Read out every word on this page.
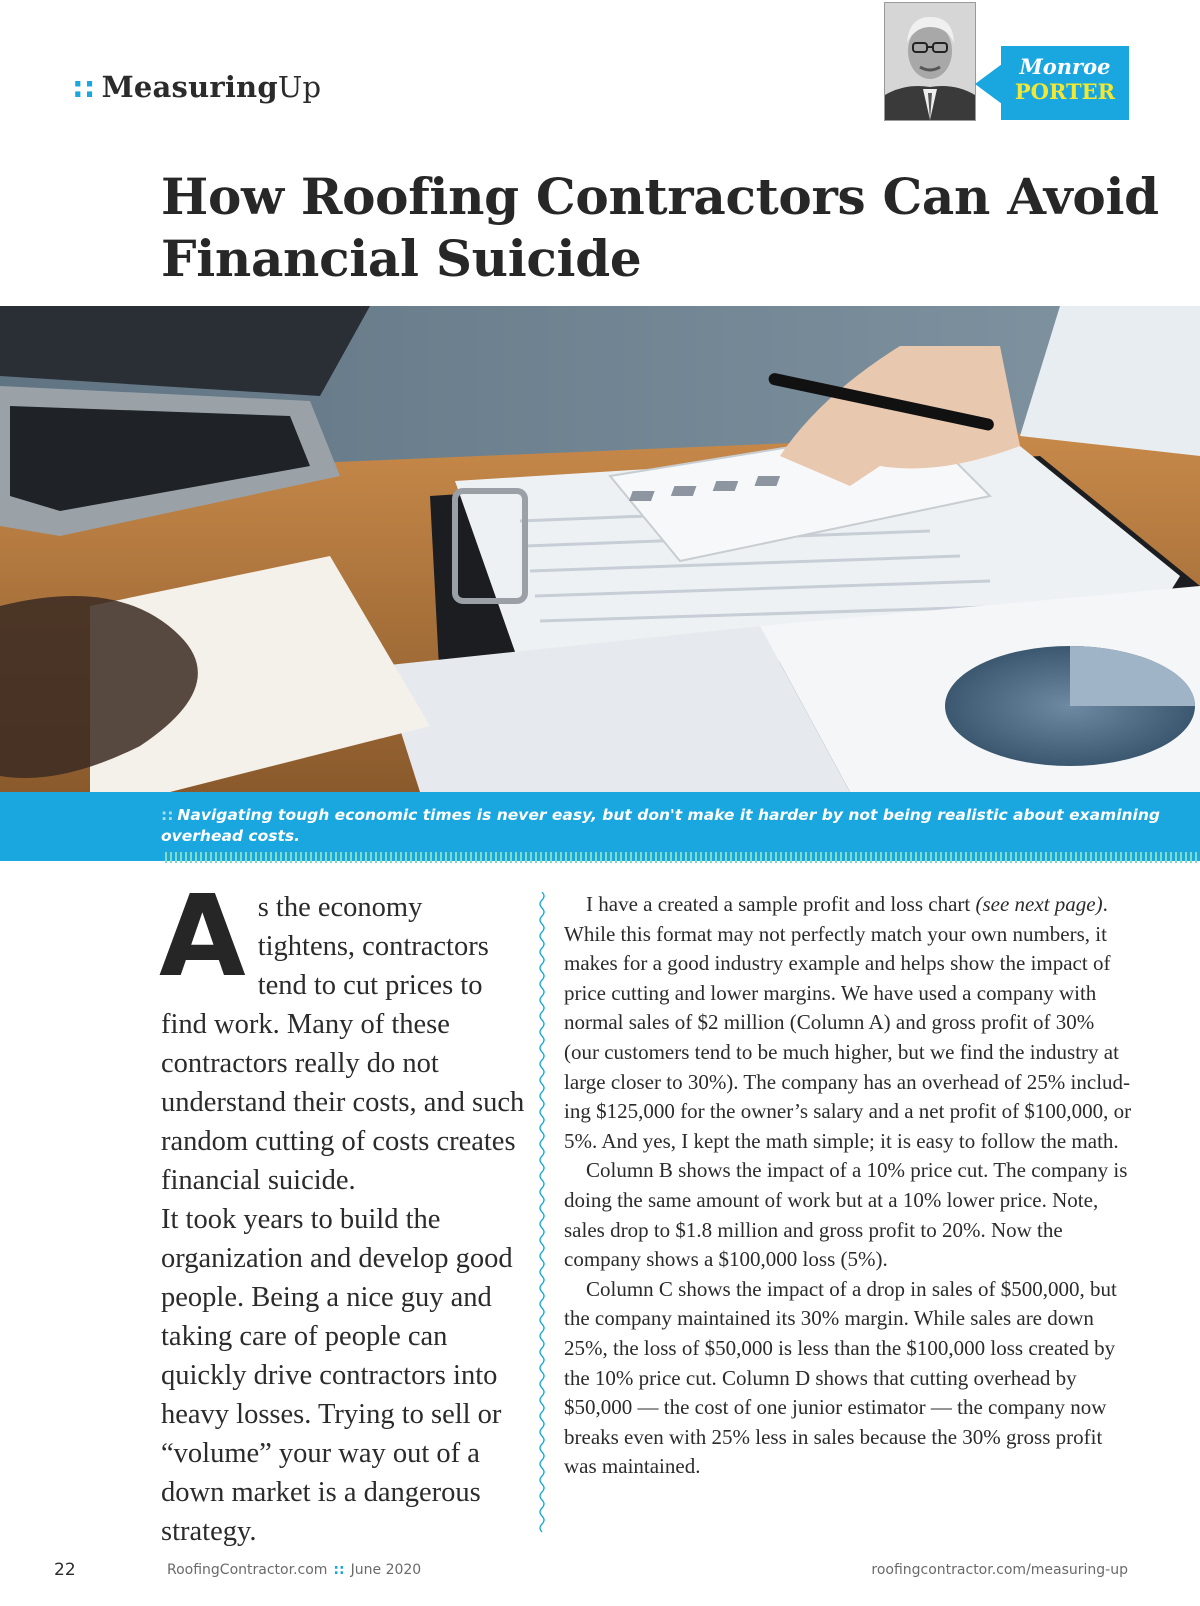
:: MeasuringUp
Monroe
PORTER
How Roofing Contractors Can Avoid
Financial Suicide

:: Navigating tough economic times is never easy, but don't make it harder by not being realistic about examining overhead costs.

As the economy tightens, contractors tend to cut prices to find work. Many of these contractors really do not understand their costs, and such random cutting of costs creates financial suicide.
It took years to build the organization and develop good people. Being a nice guy and taking care of people can quickly drive contractors into heavy losses. Trying to sell or “volume” your way out of a down market is a dangerous strategy.

I have a created a sample profit and loss chart (see next page). While this format may not perfectly match your own numbers, it makes for a good industry example and helps show the impact of price cutting and lower margins. We have used a company with normal sales of $2 million (Column A) and gross profit of 30% (our customers tend to be much higher, but we find the industry at large closer to 30%). The company has an overhead of 25% includ-ing $125,000 for the owner’s salary and a net profit of $100,000, or 5%. And yes, I kept the math simple; it is easy to follow the math.

Column B shows the impact of a 10% price cut. The company is doing the same amount of work but at a 10% lower price. Note, sales drop to $1.8 million and gross profit to 20%. Now the company shows a $100,000 loss (5%).

Column C shows the impact of a drop in sales of $500,000, but the company maintained its 30% margin. While sales are down 25%, the loss of $50,000 is less than the $100,000 loss created by the 10% price cut. Column D shows that cutting overhead by $50,000 — the cost of one junior estimator — the company now breaks even with 25% less in sales because the 30% gross profit was maintained.

22	RoofingContractor.com :: June 2020	roofingcontractor.com/measuring-up
